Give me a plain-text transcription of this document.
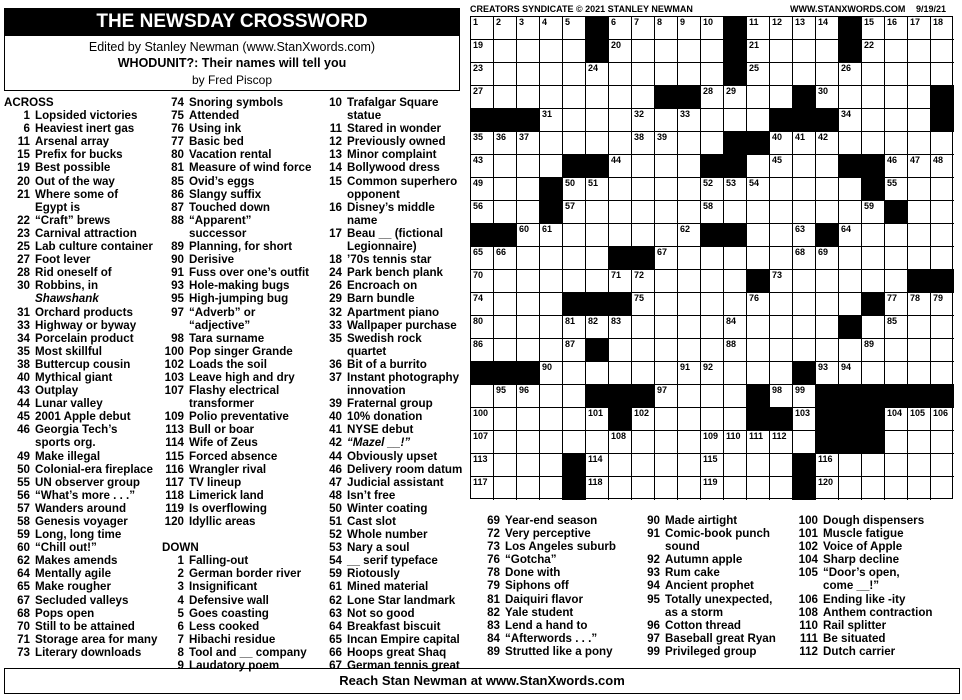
THE NEWSDAY CROSSWORD
Edited by Stanley Newman (www.StanXwords.com)
WHODUNIT?: Their names will tell you
by Fred Piscop
CREATORS SYNDICATE © 2021 STANLEY NEWMAN	WWW.STANXWORDS.COM 9/19/21
ACROSS
1 Lopsided victories
6 Heaviest inert gas
11 Arsenal array
15 Prefix for bucks
19 Best possible
20 Out of the way
21 Where some of
Egypt is
22 “Craft” brews
23 Carnival attraction
25 Lab culture container
27 Foot lever
28 Rid oneself of
30 Robbins, in
Shawshank
31 Orchard products
33 Highway or byway
34 Porcelain product
35 Most skillful
38 Buttercup cousin
40 Mythical giant
43 Outplay
44 Lunar valley
45 2001 Apple debut
46 Georgia Tech’s
sports org.
49 Make illegal
50 Colonial-era fireplace
55 UN observer group
56 “What’s more . . .”
57 Wanders around
58 Genesis voyager
59 Long, long time
60 “Chill out!”
62 Makes amends
64 Mentally agile
65 Make rougher
67 Secluded valleys
68 Pops open
70 Still to be attained
71 Storage area for many
73 Literary downloads
74 Snoring symbols
75 Attended
76 Using ink
77 Basic bed
80 Vacation rental
81 Measure of wind force
85 Ovid’s eggs
86 Slangy suffix
87 Touched down
88 “Apparent” successor
89 Planning, for short
90 Derisive
91 Fuss over one’s outfit
93 Hole-making bugs
95 High-jumping bug
97 “Adverb” or
“adjective”
98 Tara surname
100 Pop singer Grande
102 Loads the soil
103 Leave high and dry
107 Flashy electrical
transformer
109 Polio preventative
113 Bull or boar
114 Wife of Zeus
115 Forced absence
116 Wrangler rival
117 TV lineup
118 Limerick land
119 Is overflowing
120 Idyllic areas
DOWN
1 Falling-out
2 German border river
3 Insignificant
4 Defensive wall
5 Goes coasting
6 Less cooked
7 Hibachi residue
8 Tool and __ company
9 Laudatory poem
10 Trafalgar Square
statue
11 Stared in wonder
12 Previously owned
13 Minor complaint
14 Bollywood dress
15 Common superhero
opponent
16 Disney’s middle
name
17 Beau __ (fictional
Legionnaire)
18 ’70s tennis star
24 Park bench plank
26 Encroach on
29 Barn bundle
32 Apartment piano
33 Wallpaper purchase
35 Swedish rock quartet
36 Bit of a burrito
37 Instant photography
innovation
39 Fraternal group
40 10% donation
41 NYSE debut
42 “Mazel __!”
44 Obviously upset
46 Delivery room datum
47 Judicial assistant
48 Isn’t free
50 Winter coating
51 Cast slot
52 Whole number
53 Nary a soul
54 __ serif typeface
59 Riotously
61 Mined material
62 Lone Star landmark
63 Not so good
64 Breakfast biscuit
65 Incan Empire capital
66 Hoops great Shaq
67 German tennis great
69 Year-end season
72 Very perceptive
73 Los Angeles suburb
76 “Gotcha”
78 Done with
79 Siphons off
81 Daiquiri flavor
82 Yale student
83 Lend a hand to
84 “Afterwords . . .”
89 Strutted like a pony
90 Made airtight
91 Comic-book punch
sound
92 Autumn apple
93 Rum cake
94 Ancient prophet
95 Totally unexpected,
as a storm
96 Cotton thread
97 Baseball great Ryan
99 Privileged group
100 Dough dispensers
101 Muscle fatigue
102 Voice of Apple
104 Sharp decline
105 “Door’s open,
come __!”
106 Ending like -ity
108 Anthem contraction
110 Rail splitter
111 Be situated
112 Dutch carrier
1 2 3 4 5	6 7 8 9 10	11 12 13 14	15 16 17 18
19	20	21	22
23	24	25	26
27	28 29	30
31	32	33	34
35 36 37	38 39	40 41 42
43	44	45	46 47 48
49	50 51	52 53 54	55
56	57	58	59
60 61	62	63	64
65 66	67	68 69
70	71 72	73
74	75	76	77 78 79
80	81 82 83	84	85
86	87	88	89
90	91 92	93 94
95 96	97	98 99
100	101	102	103	104 105 106
107	108	109 110 111 112
113	114	115	116
117	118	119	120
Reach Stan Newman at www.StanXwords.com
